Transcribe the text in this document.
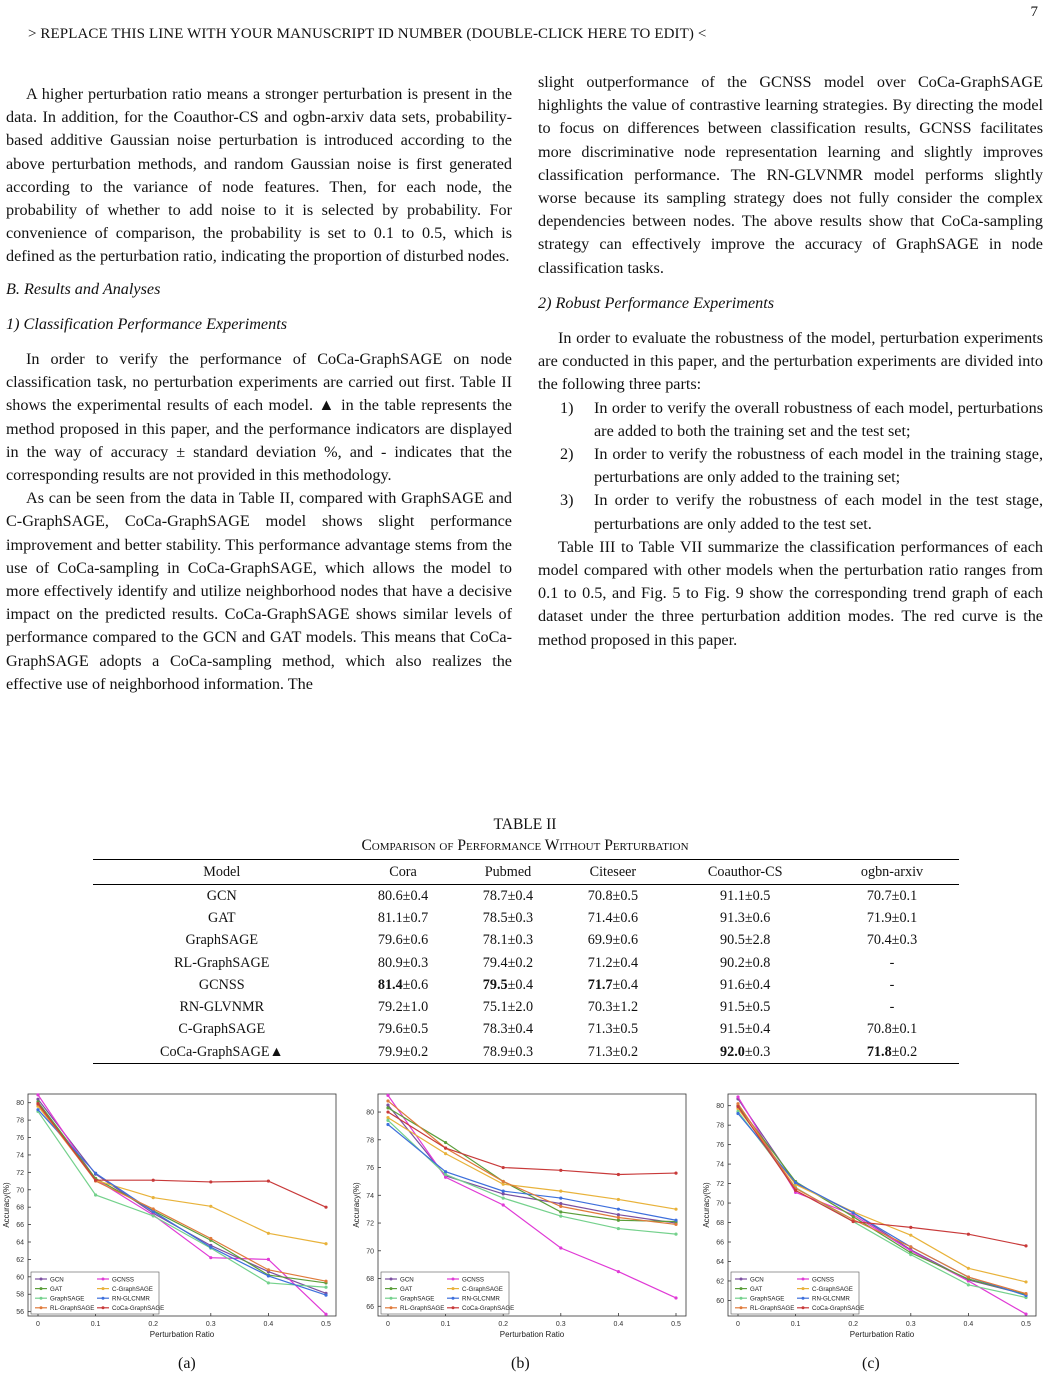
7
> REPLACE THIS LINE WITH YOUR MANUSCRIPT ID NUMBER (DOUBLE-CLICK HERE TO EDIT) <

A higher perturbation ratio means a stronger perturbation is present in the data. In addition, for the Coauthor-CS and ogbn-arxiv data sets, probability-based additive Gaussian noise perturbation is introduced according to the above perturbation methods, and random Gaussian noise is first generated according to the variance of node features. Then, for each node, the probability of whether to add noise to it is selected by probability. For convenience of comparison, the probability is set to 0.1 to 0.5, which is defined as the perturbation ratio, indicating the proportion of disturbed nodes.

B. Results and Analyses

1) Classification Performance Experiments

In order to verify the performance of CoCa-GraphSAGE on node classification task, no perturbation experiments are carried out first. Table II shows the experimental results of each model. ▲ in the table represents the method proposed in this paper, and the performance indicators are displayed in the way of accuracy ± standard deviation %, and - indicates that the corresponding results are not provided in this methodology.

As can be seen from the data in Table II, compared with GraphSAGE and C-GraphSAGE, CoCa-GraphSAGE model shows slight performance improvement and better stability. This performance advantage stems from the use of CoCa-sampling in CoCa-GraphSAGE, which allows the model to more effectively identify and utilize neighborhood nodes that have a decisive impact on the predicted results. CoCa-GraphSAGE shows similar levels of performance compared to the GCN and GAT models. This means that CoCa-GraphSAGE adopts a CoCa-sampling method, which also realizes the effective use of neighborhood information. The

slight outperformance of the GCNSS model over CoCa-GraphSAGE highlights the value of contrastive learning strategies. By directing the model to focus on differences between classification results, GCNSS facilitates more discriminative node representation learning and slightly improves classification performance. The RN-GLVNMR model performs slightly worse because its sampling strategy does not fully consider the complex dependencies between nodes. The above results show that CoCa-sampling strategy can effectively improve the accuracy of GraphSAGE in node classification tasks.

2) Robust Performance Experiments

In order to evaluate the robustness of the model, perturbation experiments are conducted in this paper, and the perturbation experiments are divided into the following three parts:

1) In order to verify the overall robustness of each model, perturbations are added to both the training set and the test set;
2) In order to verify the robustness of each model in the training stage, perturbations are only added to the training set;
3) In order to verify the robustness of each model in the test stage, perturbations are only added to the test set.

Table III to Table VII summarize the classification performances of each model compared with other models when the perturbation ratio ranges from 0.1 to 0.5, and Fig. 5 to Fig. 9 show the corresponding trend graph of each dataset under the three perturbation addition modes. The red curve is the method proposed in this paper.

TABLE II
Comparison of Performance Without Perturbation
Model	Cora	Pubmed	Citeseer	Coauthor-CS	ogbn-arxiv
GCN	80.6±0.4	78.7±0.4	70.8±0.5	91.1±0.5	70.7±0.1
GAT	81.1±0.7	78.5±0.3	71.4±0.6	91.3±0.6	71.9±0.1
GraphSAGE	79.6±0.6	78.1±0.3	69.9±0.6	90.5±2.8	70.4±0.3
RL-GraphSAGE	80.9±0.3	79.4±0.2	71.2±0.4	90.2±0.8	-
GCNSS	81.4±0.6	79.5±0.4	71.7±0.4	91.6±0.4	-
RN-GLVNMR	79.2±1.0	75.1±2.0	70.3±1.2	91.5±0.5	-
C-GraphSAGE	79.6±0.5	78.3±0.4	71.3±0.5	91.5±0.4	70.8±0.1
CoCa-GraphSAGE▲	79.9±0.2	78.9±0.3	71.3±0.2	92.0±0.3	71.8±0.2
56
58
60
62
64
66
68
70
72
74
76
78
80
0	0.1	0.2	0.3	0.4	0.5
Perturbation Ratio
Accuracy(%)
GCN	GCNSS
GAT	C-GraphSAGE
GraphSAGE	RN-GLCNMR
RL-GraphSAGE	CoCa-GraphSAGE	66
68
70
72
74
76
78
80
0	0.1	0.2	0.3	0.4	0.5
Perturbation Ratio
Accuracy(%)
GCN	GCNSS
GAT	C-GraphSAGE
GraphSAGE	RN-GLCNMR
RL-GraphSAGE	CoCa-GraphSAGE
60
62
64
66
68
70
72
74
76
78
80
0	0.1	0.2	0.3	0.4	0.5
Perturbation Ratio
Accuracy(%)
GCN	GCNSS
GAT	C-GraphSAGE
GraphSAGE	RN-GLCNMR
RL-GraphSAGE	CoCa-GraphSAGE
(a)	(b)	(c)
